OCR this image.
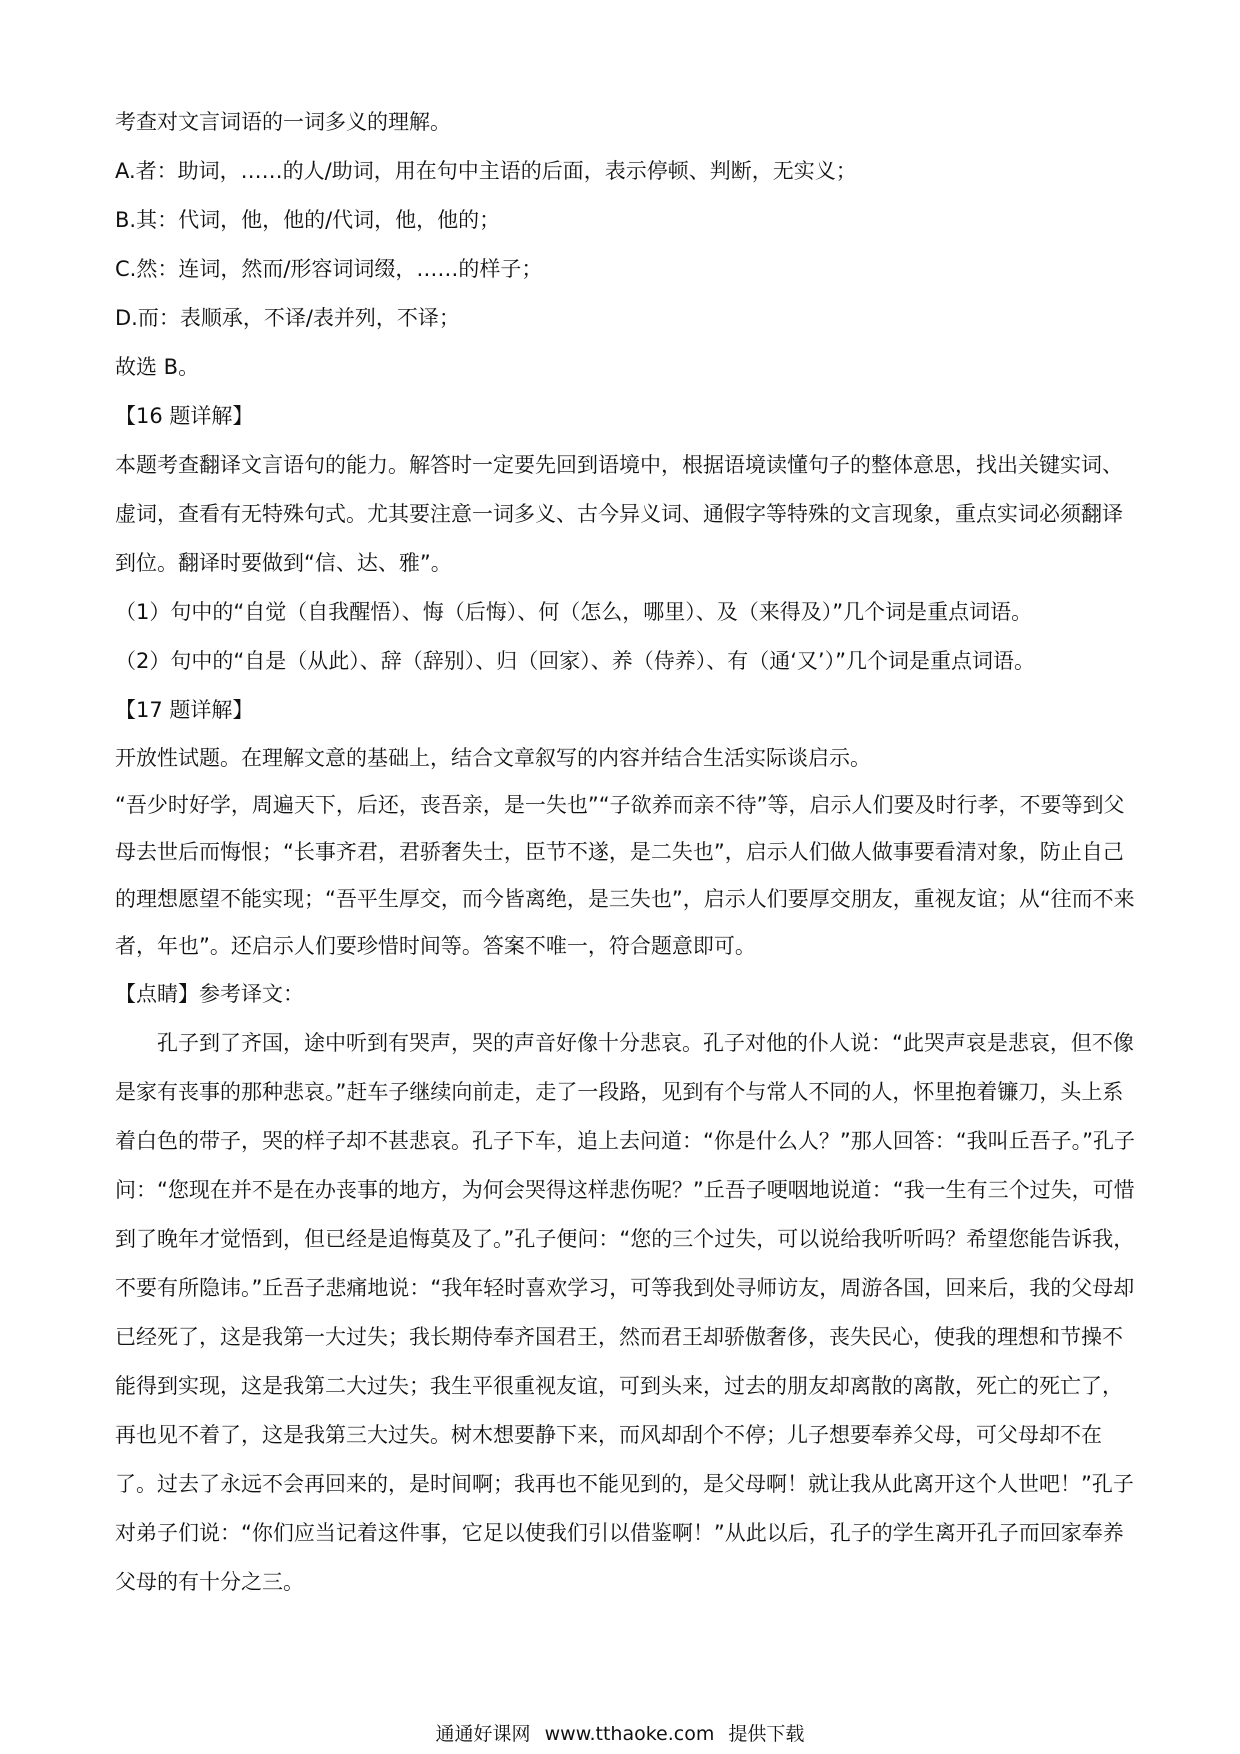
考查对文言词语的一词多义的理解。
A.者：助词，……的人/助词，用在句中主语的后面，表示停顿、判断，无实义；
B.其：代词，他，他的/代词，他，他的；
C.然：连词，然而/形容词词缀，……的样子；
D.而：表顺承，不译/表并列，不译；
故选 B。
【16 题详解】
本题考查翻译文言语句的能力。解答时一定要先回到语境中，根据语境读懂句子的整体意思，找出关键实词、虚词，查看有无特殊句式。尤其要注意一词多义、古今异义词、通假字等特殊的文言现象，重点实词必须翻译到位。翻译时要做到“信、达、雅”。
（1）句中的“自觉（自我醒悟）、悔（后悔）、何（怎么，哪里）、及（来得及）”几个词是重点词语。
（2）句中的“自是（从此）、辞（辞别）、归（回家）、养（侍养）、有（通‘又’）”几个词是重点词语。
【17 题详解】
开放性试题。在理解文意的基础上，结合文章叙写的内容并结合生活实际谈启示。
“吾少时好学，周遍天下，后还，丧吾亲，是一失也”“子欲养而亲不待”等，启示人们要及时行孝，不要等到父母去世后而悔恨；“长事齐君，君骄奢失士，臣节不遂，是二失也”，启示人们做人做事要看清对象，防止自己的理想愿望不能实现；“吾平生厚交，而今皆离绝，是三失也”，启示人们要厚交朋友，重视友谊；从“往而不来者，年也”。还启示人们要珍惜时间等。答案不唯一，符合题意即可。
【点睛】参考译文：
孔子到了齐国，途中听到有哭声，哭的声音好像十分悲哀。孔子对他的仆人说：“此哭声哀是悲哀，但不像是家有丧事的那种悲哀。”赶车子继续向前走，走了一段路，见到有个与常人不同的人，怀里抱着镰刀，头上系着白色的带子，哭的样子却不甚悲哀。孔子下车，追上去问道：“你是什么人？”那人回答：“我叫丘吾子。”孔子问：“您现在并不是在办丧事的地方，为何会哭得这样悲伤呢？”丘吾子哽咽地说道：“我一生有三个过失，可惜到了晚年才觉悟到，但已经是追悔莫及了。”孔子便问：“您的三个过失，可以说给我听听吗？希望您能告诉我，不要有所隐讳。”丘吾子悲痛地说：“我年轻时喜欢学习，可等我到处寻师访友，周游各国，回来后，我的父母却已经死了，这是我第一大过失；我长期侍奉齐国君王，然而君王却骄傲奢侈，丧失民心，使我的理想和节操不能得到实现，这是我第二大过失；我生平很重视友谊，可到头来，过去的朋友却离散的离散，死亡的死亡了，再也见不着了，这是我第三大过失。树木想要静下来，而风却刮个不停；儿子想要奉养父母，可父母却不在了。过去了永远不会再回来的，是时间啊；我再也不能见到的，是父母啊！就让我从此离开这个人世吧！”孔子对弟子们说：“你们应当记着这件事，它足以使我们引以借鉴啊！”从此以后，孔子的学生离开孔子而回家奉养父母的有十分之三。
通通好课网 www.tthaoke.com 提供下载
